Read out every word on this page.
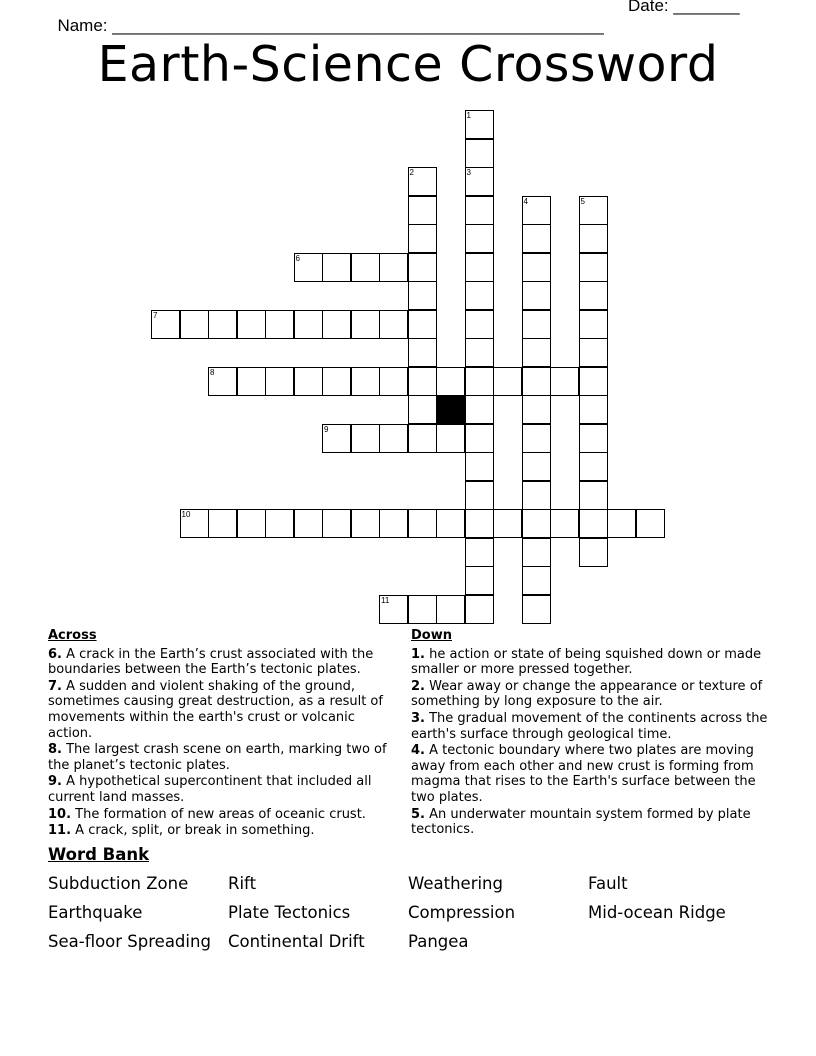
Name: ____________________________________________________

Date: _______

Earth-Science Crossword
1
3
2
4	5
6
7
8
9
10
11
Across
6. A crack in the Earth’s crust associated with the boundaries between the Earth’s tectonic plates.
7. A sudden and violent shaking of the ground, sometimes causing great destruction, as a result of movements within the earth's crust or volcanic action.
8. The largest crash scene on earth, marking two of the planet’s tectonic plates.
9. A hypothetical supercontinent that included all current land masses.
10. The formation of new areas of oceanic crust.
11. A crack, split, or break in something.
Down
1. he action or state of being squished down or made smaller or more pressed together.
2. Wear away or change the appearance or texture of something by long exposure to the air.
3. The gradual movement of the continents across the earth's surface through geological time.
4. A tectonic boundary where two plates are moving away from each other and new crust is forming from magma that rises to the Earth's surface between the two plates.
5. An underwater mountain system formed by plate tectonics.
Word Bank
Subduction Zone	Rift	Weathering	Fault
Earthquake	Plate Tectonics	Compression	Mid-ocean Ridge
Sea-floor Spreading	Continental Drift	Pangea
